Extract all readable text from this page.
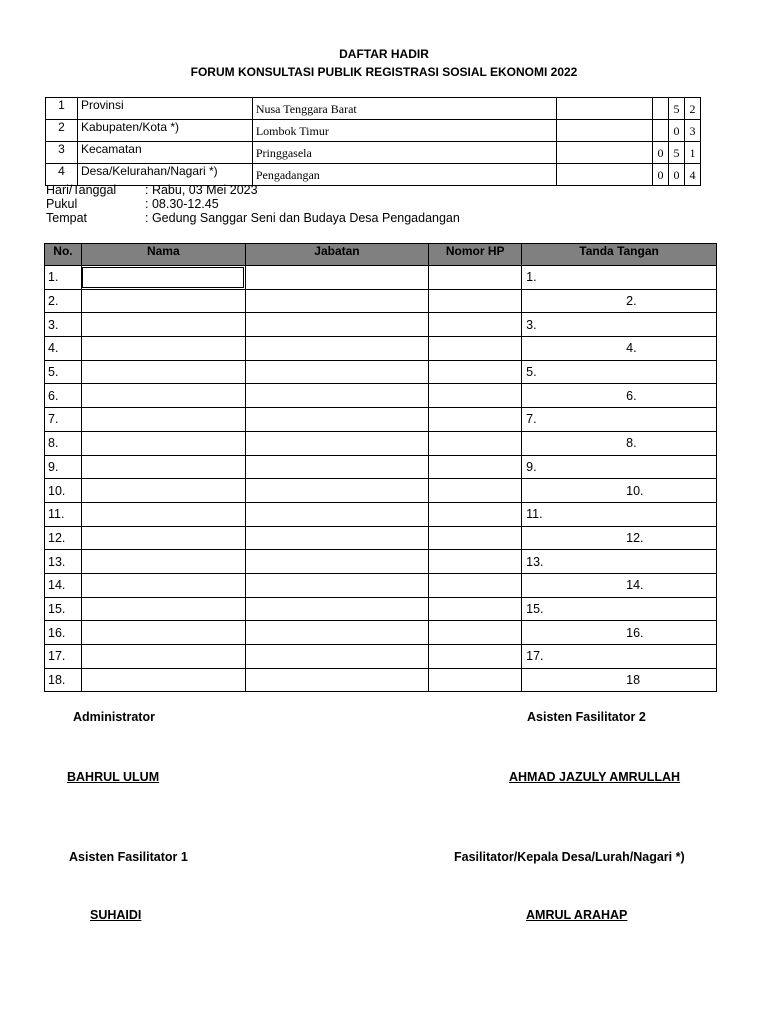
DAFTAR HADIR
FORUM KONSULTASI PUBLIK REGISTRASI SOSIAL EKONOMI 2022
1	Provinsi	Nusa Tenggara Barat			5	2
2	Kabupaten/Kota *)	Lombok Timur			0	3
3	Kecamatan	Pringgasela		0	5	1
4	Desa/Kelurahan/Nagari *)	Pengadangan		0	0	4
Hari/Tanggal : Rabu, 03 Mei 2023
Pukul	: 08.30-12.45
Tempat	: Gedung Sanggar Seni dan Budaya Desa Pengadangan
No.	Nama	Jabatan	Nomor HP	Tanda Tangan
1.				1.
2.				2.
3.				3.
4.				4.
5.				5.
6.				6.
7.				7.
8.				8.
9.				9.
10.				10.
11.				11.
12.				12.
13.				13.
14.				14.
15.				15.
16.				16.
17.				17.
18.				18
Administrator	Asisten Fasilitator 2
BAHRUL ULUM	AHMAD JAZULY AMRULLAH
Asisten Fasilitator 1	Fasilitator/Kepala Desa/Lurah/Nagari *)
SUHAIDI	AMRUL ARAHAP
